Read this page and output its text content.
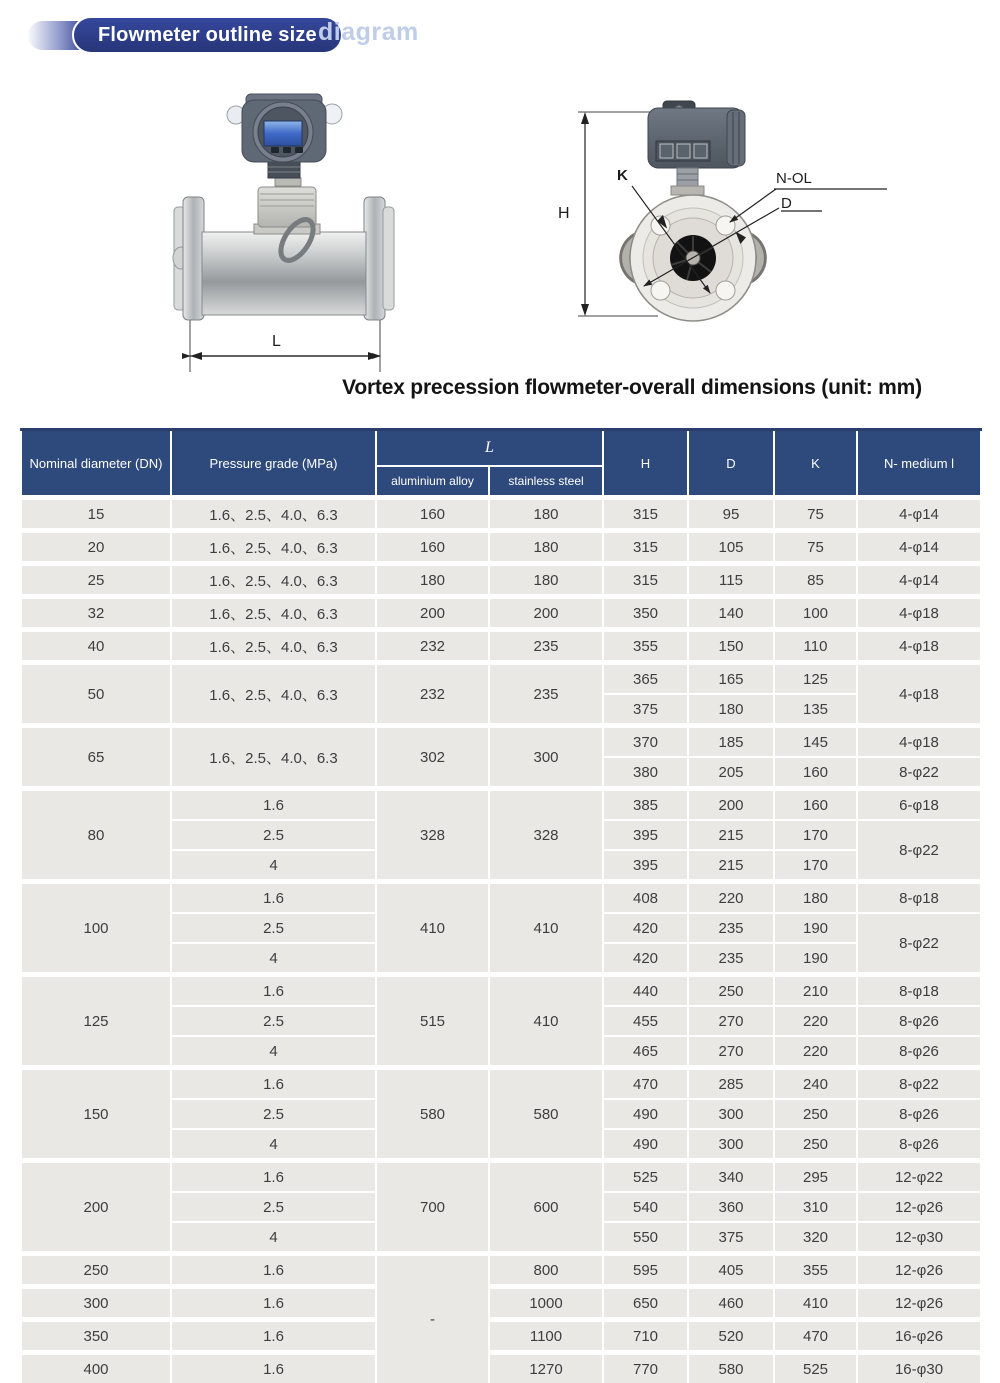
Flowmeter outline size diagram
L
H
K	N-OL
D
Vortex precession flowmeter-overall dimensions (unit: mm)
Nominal diameter (DN)	Pressure grade (MPa)	L		H	D	K	N- medium l
		aluminium alloy	stainless steel				
15	1.6、2.5、4.0、6.3	160	180	315	95	75	4-φ14
20	1.6、2.5、4.0、6.3	160	180	315	105	75	4-φ14
25	1.6、2.5、4.0、6.3	180	180	315	115	85	4-φ14
32	1.6、2.5、4.0、6.3	200	200	350	140	100	4-φ18
40	1.6、2.5、4.0、6.3	232	235	355	150	110	4-φ18
50	1.6、2.5、4.0、6.3	232	235	365	165	125	4-φ18
				375	180	135	
65	1.6、2.5、4.0、6.3	302	300	370	185	145	4-φ18
				380	205	160	8-φ22
80	1.6	328	328	385	200	160	6-φ18
	2.5			395	215	170	8-φ22
	4			395	215	170	
100	1.6	410	410	408	220	180	8-φ18
	2.5			420	235	190	8-φ22
	4			420	235	190	
125	1.6	515	410	440	250	210	8-φ18
	2.5			455	270	220	8-φ26
	4			465	270	220	8-φ26
150	1.6	580	580	470	285	240	8-φ22
	2.5			490	300	250	8-φ26
	4			490	300	250	8-φ26
200	1.6	700	600	525	340	295	12-φ22
	2.5			540	360	310	12-φ26
	4			550	375	320	12-φ30
250	1.6	-	800	595	405	355	12-φ26
300	1.6		1000	650	460	410	12-φ26
350	1.6		1100	710	520	470	16-φ26
400	1.6		1270	770	580	525	16-φ30
